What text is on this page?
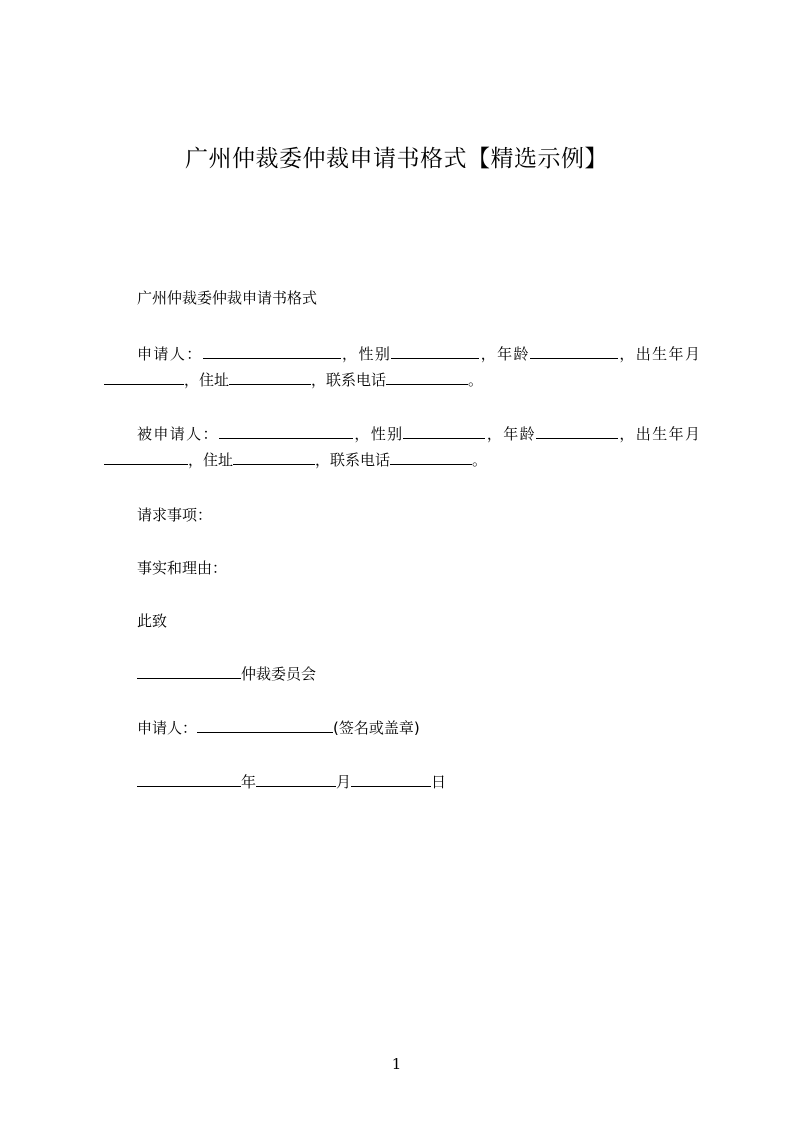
广州仲裁委仲裁申请书格式【精选示例】
广州仲裁委仲裁申请书格式
申请人：	，性别	，年龄	，出生年月，住址	，联系电话	。
被申请人：	，性别	，年龄	，出生年月，住址	，联系电话	。
请求事项：
事实和理由：
此致
仲裁委员会
申请人：	(签名或盖章)
年	月	日
1
